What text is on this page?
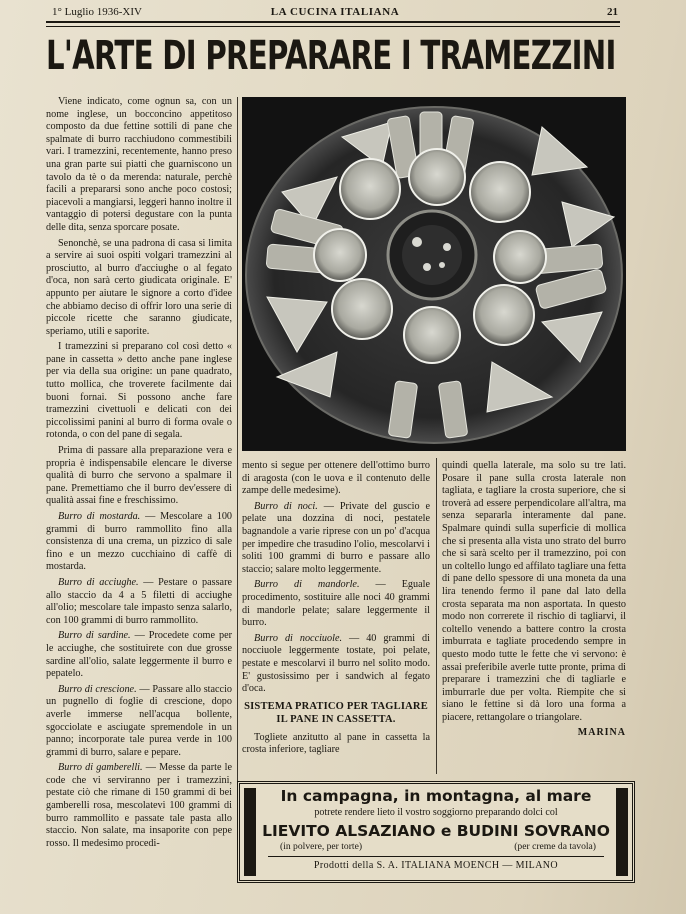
1° Luglio 1936-XIV	LA CUCINA ITALIANA	21
L'ARTE DI PREPARARE I TRAMEZZINI

Viene indicato, come ognun sa, con un nome inglese, un bocconcino appetitoso composto da due fettine sottili di pane che spalmate di burro racchiudono commestibili vari. I tramezzini, recentemente, hanno preso una gran parte sui piatti che guarniscono un tavolo da tè o da merenda: naturale, perchè facili a prepararsi sono anche poco costosi; piacevoli a mangiarsi, leggeri hanno inoltre il vantaggio di potersi degustare con la punta delle dita, senza sporcare posate.

Senonchè, se una padrona di casa si limita a servire ai suoi ospiti volgari tramezzini al prosciutto, al burro d'acciughe o al fegato d'oca, non sarà certo giudicata originale. E' appunto per aiutare le signore a corto d'idee che abbiamo deciso di offrir loro una serie di piccole ricette che saranno giudicate, speriamo, utili e saporite.

I tramezzini si preparano col così detto « pane in cassetta » detto anche pane inglese per via della sua origine: un pane quadrato, tutto mollica, che troverete facilmente dai buoni fornai. Si possono anche fare tramezzini civettuoli e delicati con dei piccolissimi panini al burro di forma ovale o rotonda, o con del pane di segala.

Prima di passare alla preparazione vera e propria è indispensabile elencare le diverse qualità di burro che servono a spalmare il pane. Premettiamo che il burro dev'essere di qualità assai fine e freschissimo.

Burro di mostarda. — Mescolare a 100 grammi di burro rammollito fino alla consistenza di una crema, un pizzico di sale fino e un mezzo cucchiaino di caffè di mostarda.

Burro di acciughe. — Pestare o passare allo staccio da 4 a 5 filetti di acciughe all'olio; mescolare tale impasto senza salarlo, con 100 grammi di burro rammollito.

Burro di sardine. — Procedete come per le acciughe, che sostituirete con due grosse sardine all'olio, salate leggermente il burro e pepatelo.

Burro di crescione. — Passare allo staccio un pugnello di foglie di crescione, dopo averle immerse nell'acqua bollente, sgocciolate e asciugate spremendole in un panno; incorporate tale purea verde in 100 grammi di burro, salare e pepare.

Burro di gamberelli. — Messe da parte le code che vi serviranno per i tramezzini, pestate ciò che rimane di 150 grammi di bei gamberelli rosa, mescolatevi 100 grammi di burro rammollito e passate tale pasta allo staccio. Non salate, ma insaporite con pepe rosso. Il medesimo procedi-

mento si segue per ottenere dell'ottimo burro di aragosta (con le uova e il contenuto delle zampe delle medesime).

Burro di noci. — Private del guscio e pelate una dozzina di noci, pestatele bagnandole a varie riprese con un po' d'acqua per impedire che trasudino l'olio, mescolarvi i soliti 100 grammi di burro e passare allo staccio; salare molto leggermente.

Burro di mandorle. — Eguale procedimento, sostituire alle noci 40 grammi di mandorle pelate; salare leggermente il burro.

Burro di nocciuole. — 40 grammi di nocciuole leggermente tostate, poi pelate, pestate e mescolarvi il burro nel solito modo. E' gustosissimo per i sandwich al fegato d'oca.

SISTEMA PRATICO PER TAGLIARE IL PANE IN CASSETTA.

Togliete anzitutto al pane in cassetta la crosta inferiore, tagliare

quindi quella laterale, ma solo su tre lati. Posare il pane sulla crosta laterale non tagliata, e tagliare la crosta superiore, che si troverà ad essere perpendicolare all'altra, ma senza separarla interamente dal pane. Spalmare quindi sulla superficie di mollica che si presenta alla vista uno strato del burro che si sarà scelto per il tramezzino, poi con un coltello lungo ed affilato tagliare una fetta di pane dello spessore di una moneta da una lira tenendo fermo il pane dal lato della crosta separata ma non asportata. In questo modo non correrete il rischio di tagliarvi, il coltello venendo a battere contro la crosta imburrata e tagliate procedendo sempre in questo modo tutte le fette che vi servono: è assai preferibile averle tutte pronte, prima di preparare i tramezzini che di tagliarle e imburrarle due per volta. Riempite che si siano le fettine si dà loro una forma a piacere, rettangolare o triangolare.

MARINA
In campagna, in montagna, al mare
potrete rendere lieto il vostro soggiorno preparando dolci col
LIEVITO ALSAZIANO e BUDINI SOVRANO
(in polvere, per torte)	(per creme da tavola)
Prodotti della S. A. ITALIANA MOENCH — MILANO
